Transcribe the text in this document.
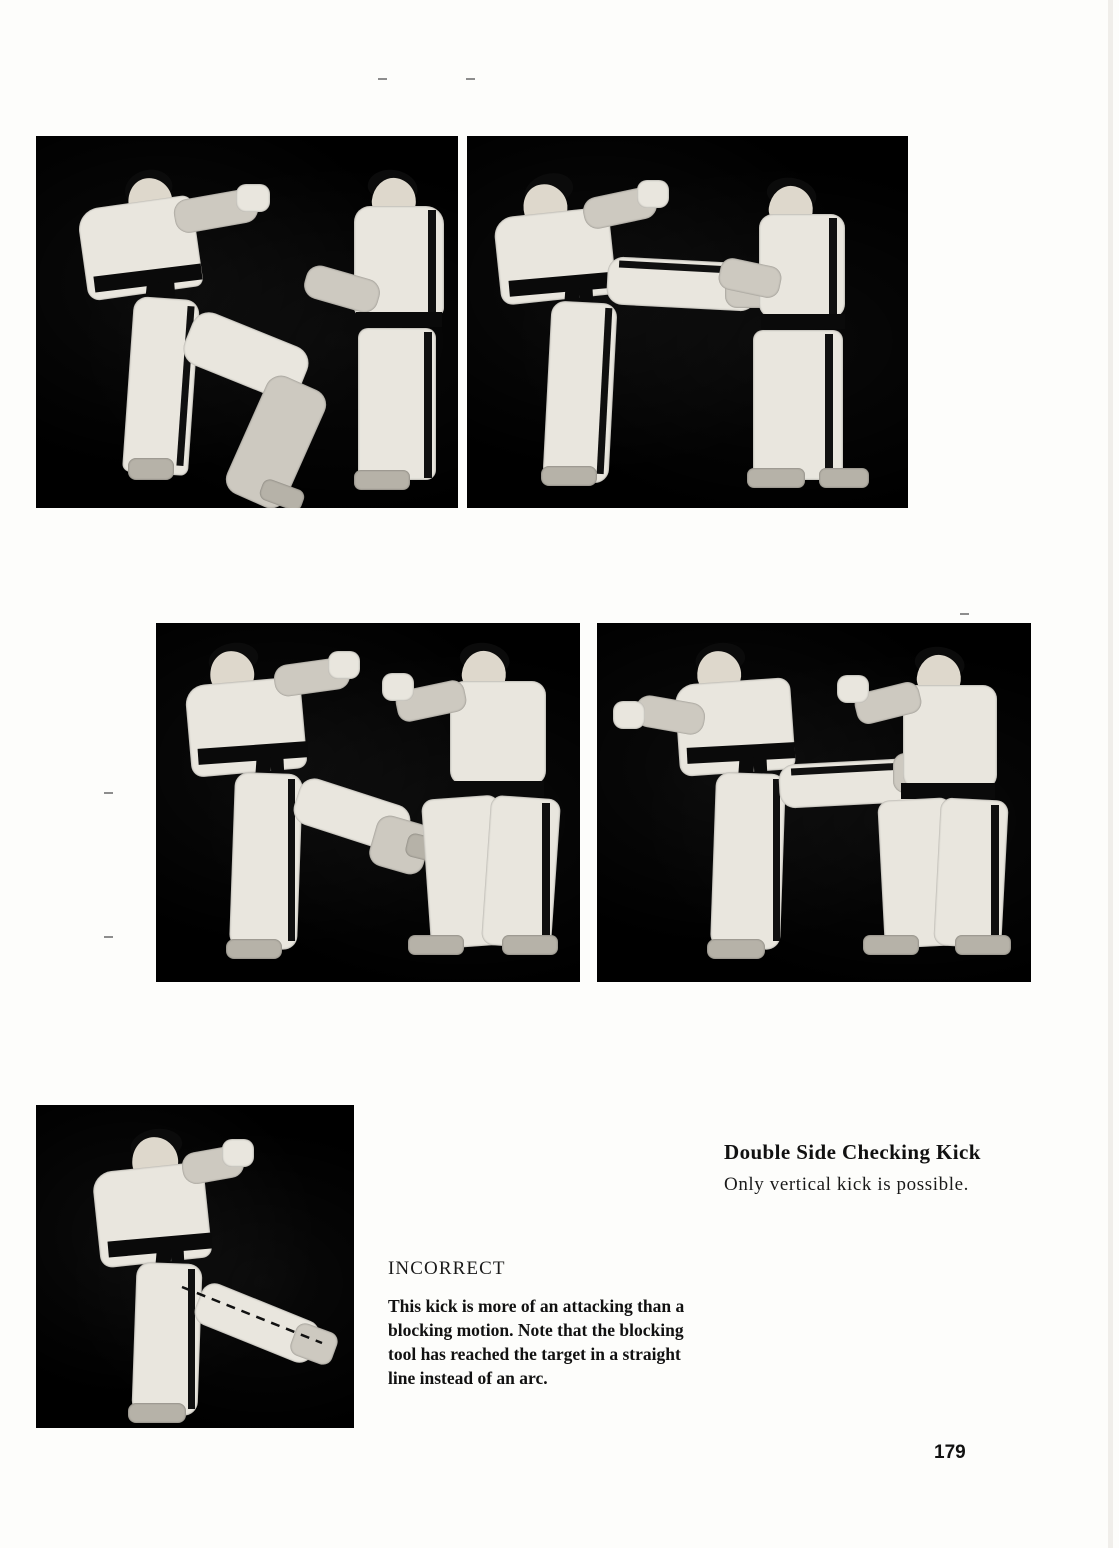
Double Side Checking Kick
Only vertical kick is possible.
INCORRECT
This kick is more of an attacking than a blocking motion. Note that the blocking tool has reached the target in a straight line instead of an arc.
179
